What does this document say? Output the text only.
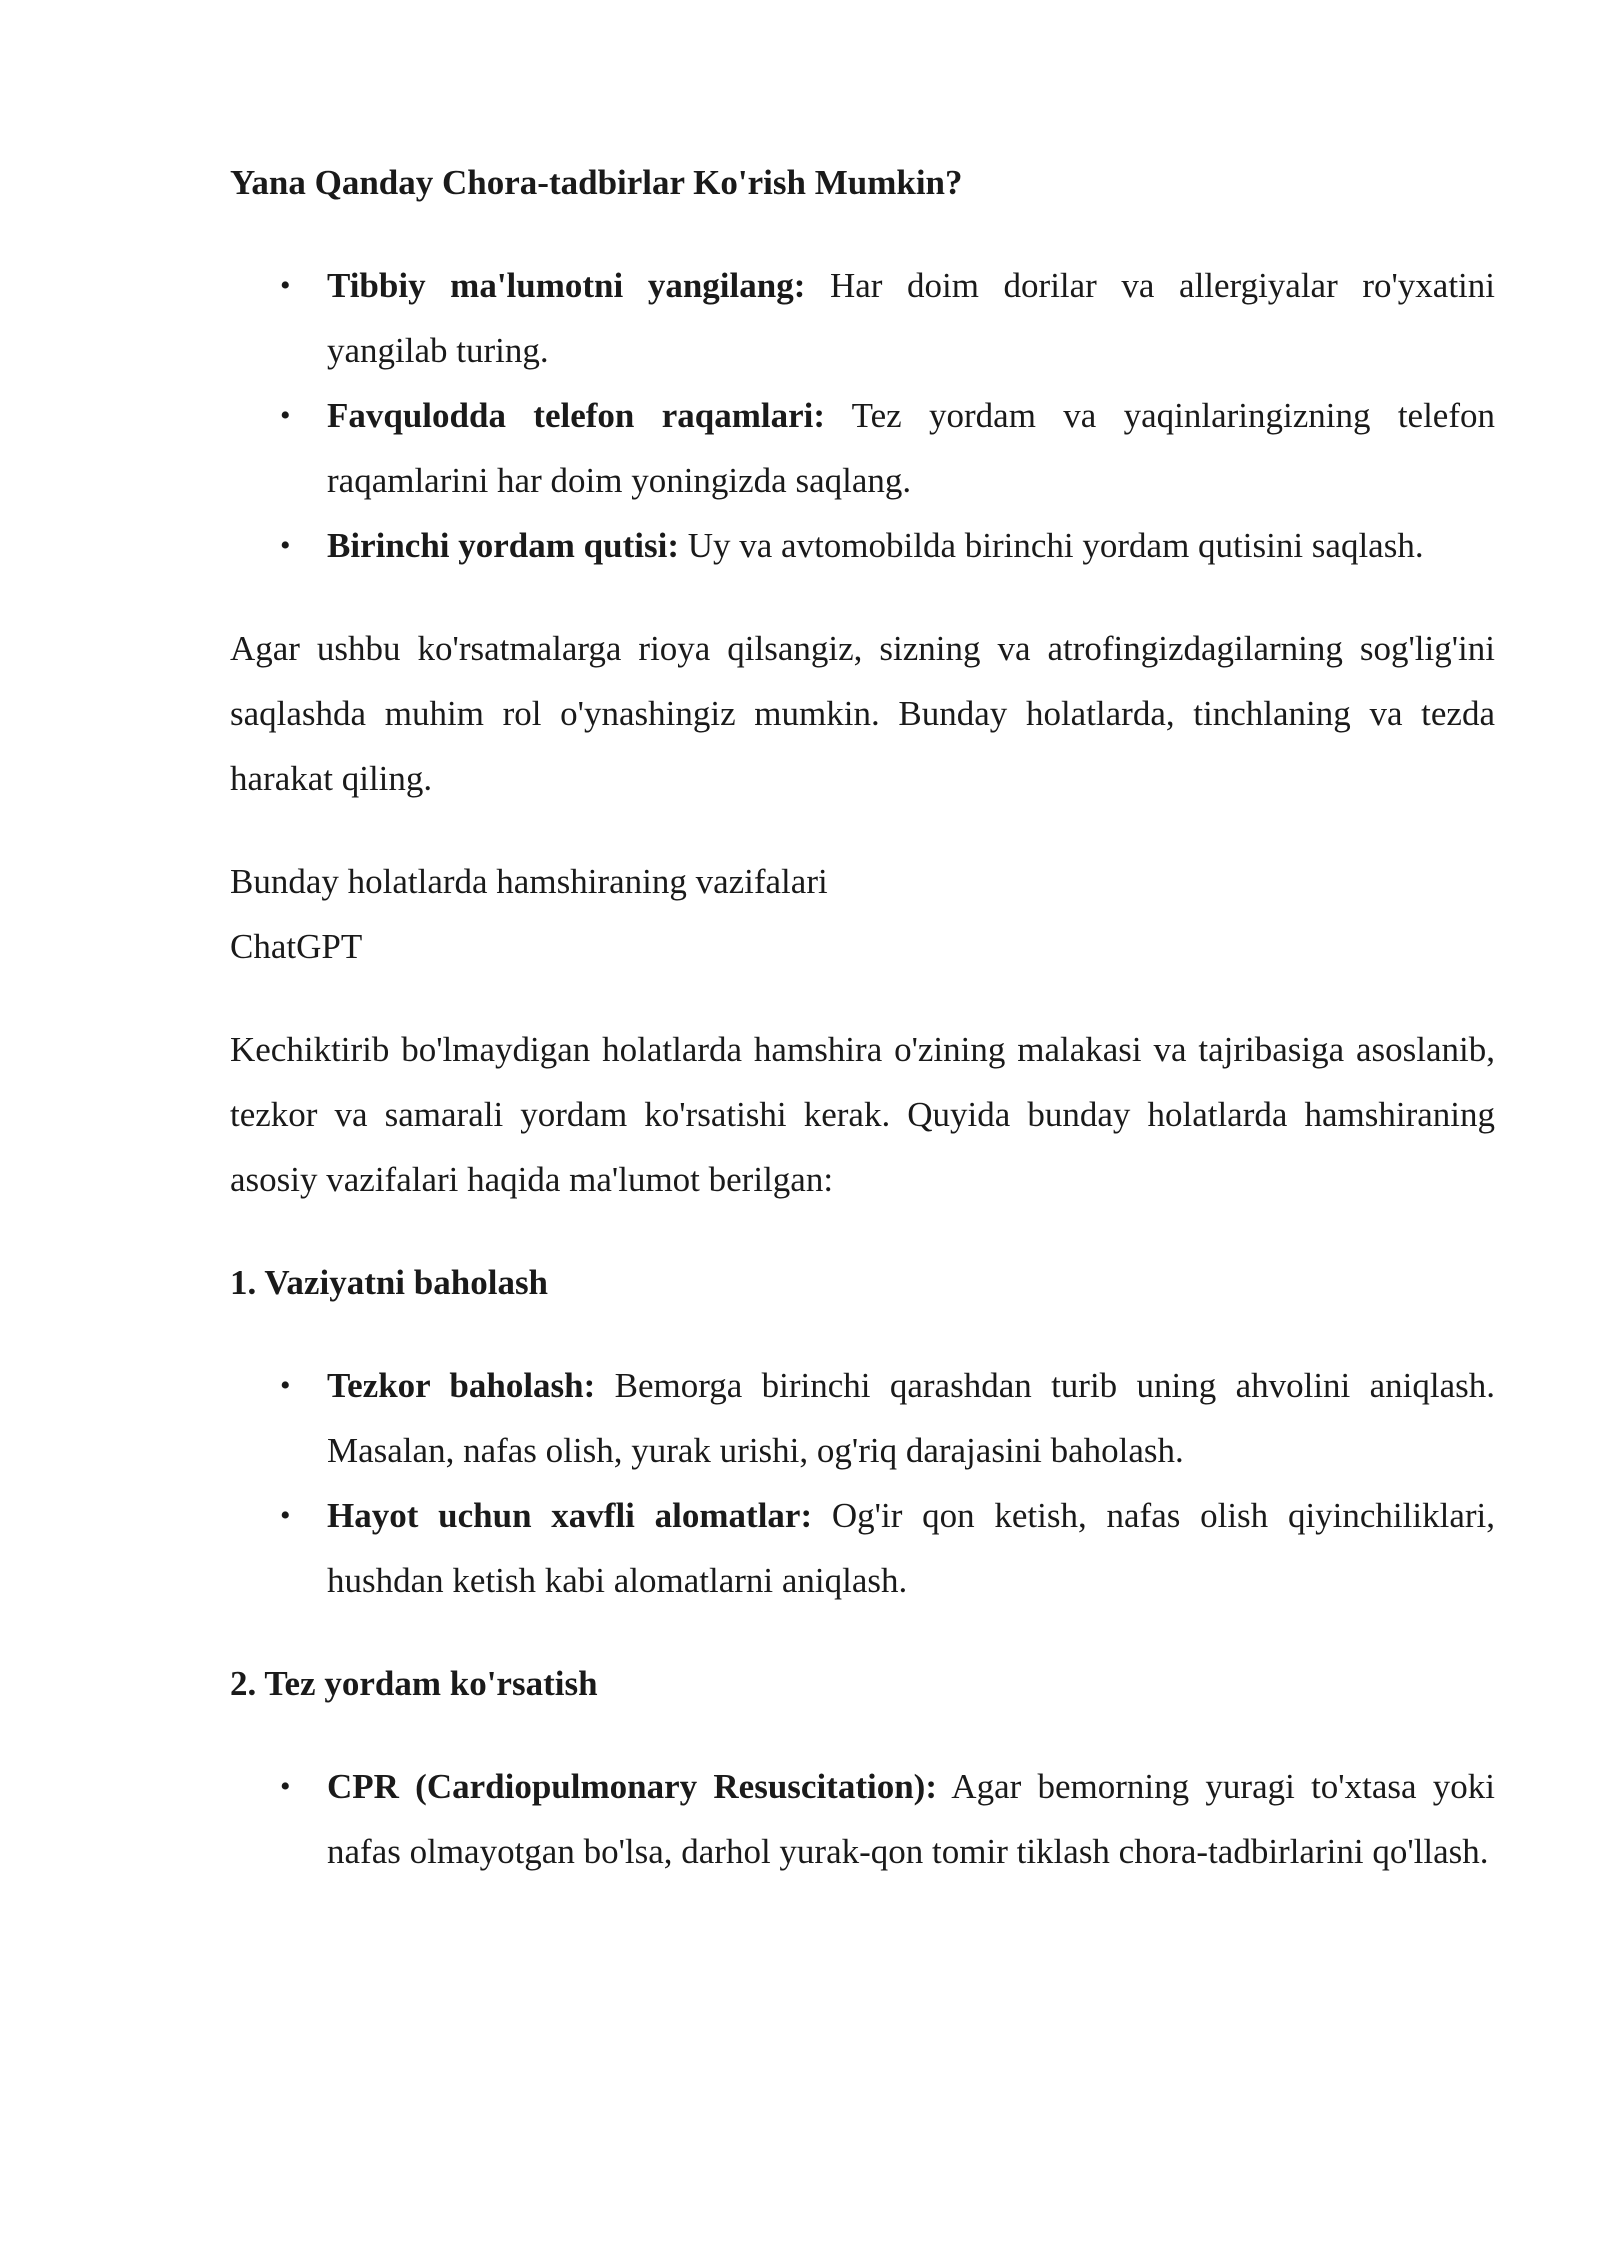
Yana Qanday Chora-tadbirlar Ko'rish Mumkin?

• Tibbiy ma'lumotni yangilang: Har doim dorilar va allergiyalar ro'yxatini yangilab turing.
• Favqulodda telefon raqamlari: Tez yordam va yaqinlaringizning telefon raqamlarini har doim yoningizda saqlang.
• Birinchi yordam qutisi: Uy va avtomobilda birinchi yordam qutisini saqlash.

Agar ushbu ko'rsatmalarga rioya qilsangiz, sizning va atrofingizdagilarning sog'lig'ini saqlashda muhim rol o'ynashingiz mumkin. Bunday holatlarda, tinchlaning va tezda harakat qiling.

Bunday holatlarda hamshiraning vazifalari
ChatGPT

Kechiktirib bo'lmaydigan holatlarda hamshira o'zining malakasi va tajribasiga asoslanib, tezkor va samarali yordam ko'rsatishi kerak. Quyida bunday holatlarda hamshiraning asosiy vazifalari haqida ma'lumot berilgan:

1. Vaziyatni baholash

• Tezkor baholash: Bemorga birinchi qarashdan turib uning ahvolini aniqlash. Masalan, nafas olish, yurak urishi, og'riq darajasini baholash.
• Hayot uchun xavfli alomatlar: Og'ir qon ketish, nafas olish qiyinchiliklari, hushdan ketish kabi alomatlarni aniqlash.

2. Tez yordam ko'rsatish

• CPR (Cardiopulmonary Resuscitation): Agar bemorning yuragi to'xtasa yoki nafas olmayotgan bo'lsa, darhol yurak-qon tomir tiklash chora-tadbirlarini qo'llash.
